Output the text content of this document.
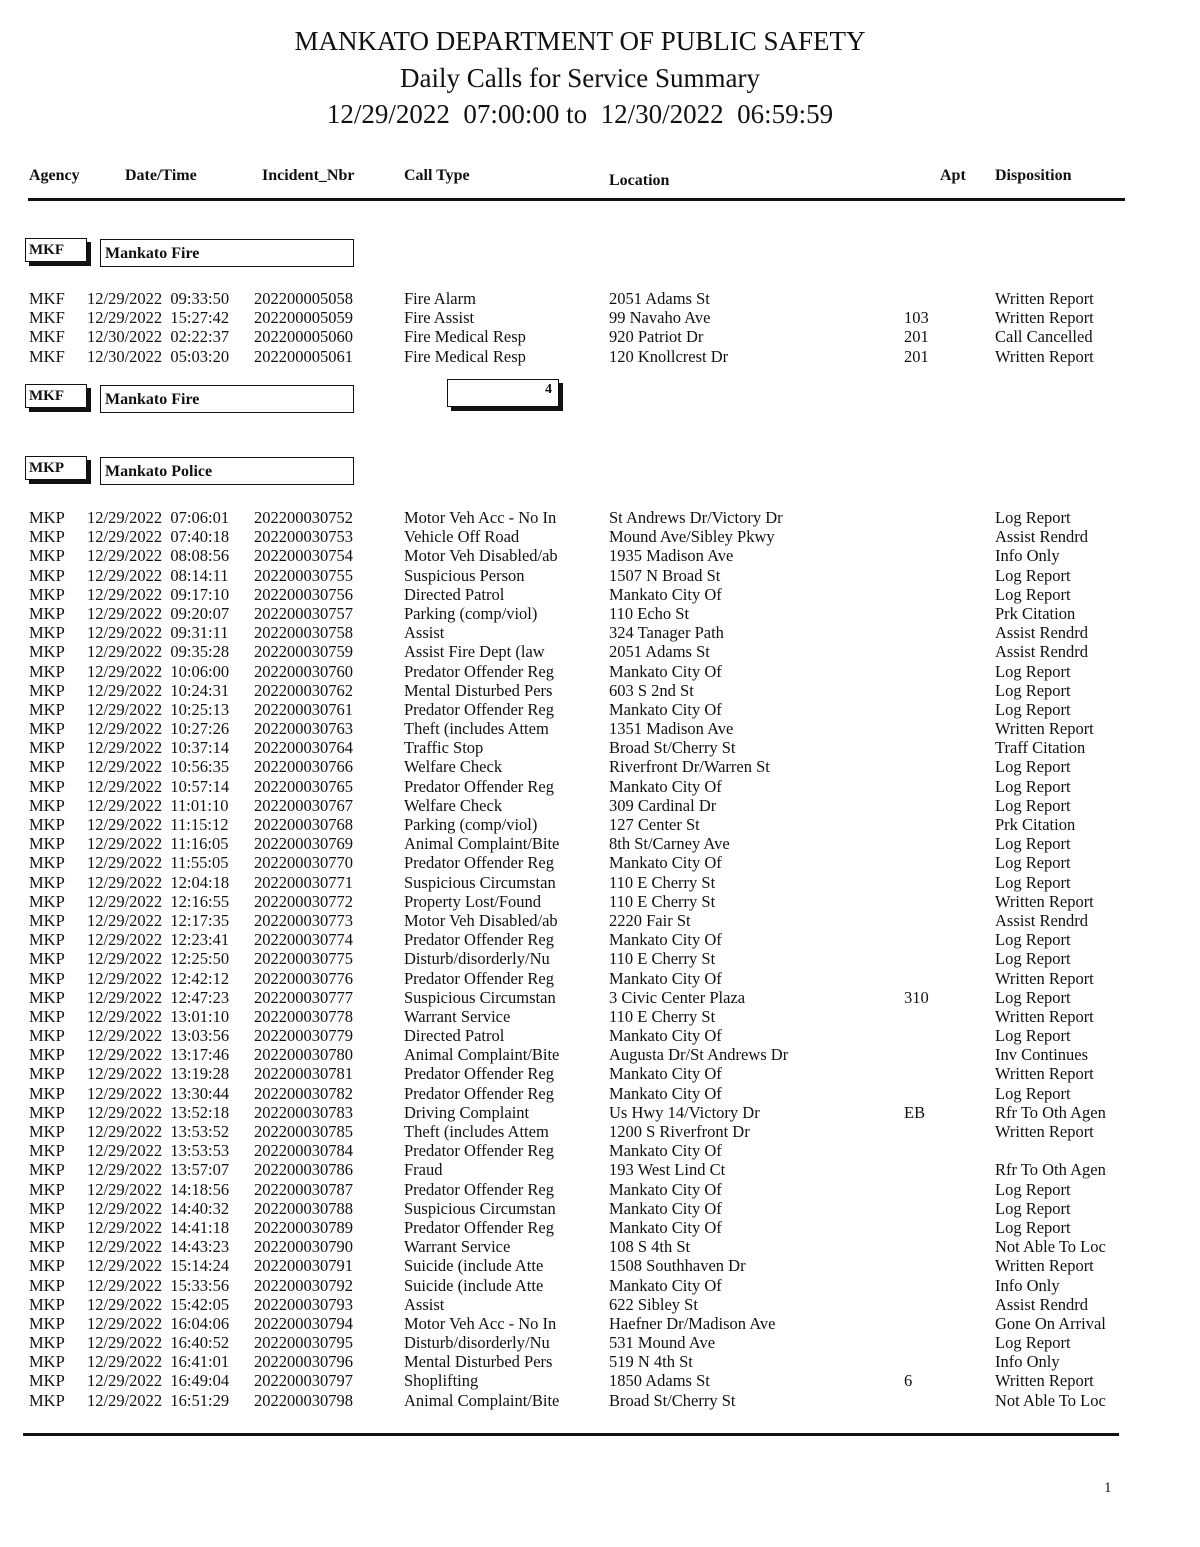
MANKATO DEPARTMENT OF PUBLIC SAFETY
Daily Calls for Service Summary
12/29/2022  07:00:00 to  12/30/2022  06:59:59
Agency	Date/Time	Incident_Nbr	Call Type	Location	Apt Disposition
MKF	Mankato Fire
MKF 12/29/2022  09:33:50 202200005058	Fire Alarm	2051 Adams St	Written Report
MKF 12/29/2022  15:27:42 202200005059	Fire Assist	99 Navaho Ave	103	Written Report
MKF 12/30/2022  02:22:37 202200005060	Fire Medical Resp	920 Patriot Dr	201	Call Cancelled
MKF 12/30/2022  05:03:20 202200005061	Fire Medical Resp	120 Knollcrest Dr	201	Written Report
MKF	Mankato Fire
4
MKP	Mankato Police
MKP 12/29/2022  07:06:01 202200030752	Motor Veh Acc - No In	St Andrews Dr/Victory Dr	Log Report
MKP 12/29/2022  07:40:18 202200030753	Vehicle Off Road	Mound Ave/Sibley Pkwy	Assist Rendrd
MKP 12/29/2022  08:08:56 202200030754	Motor Veh Disabled/ab	1935 Madison Ave	Info Only
MKP 12/29/2022  08:14:11 202200030755	Suspicious Person	1507 N Broad St	Log Report
MKP 12/29/2022  09:17:10 202200030756	Directed Patrol	Mankato City Of	Log Report
MKP 12/29/2022  09:20:07 202200030757	Parking (comp/viol)	110 Echo St	Prk Citation
MKP 12/29/2022  09:31:11 202200030758	Assist	324 Tanager Path	Assist Rendrd
MKP 12/29/2022  09:35:28 202200030759	Assist Fire Dept (law	2051 Adams St	Assist Rendrd
MKP 12/29/2022  10:06:00 202200030760	Predator Offender Reg	Mankato City Of	Log Report
MKP 12/29/2022  10:24:31 202200030762	Mental Disturbed Pers	603 S 2nd St	Log Report
MKP 12/29/2022  10:25:13 202200030761	Predator Offender Reg	Mankato City Of	Log Report
MKP 12/29/2022  10:27:26 202200030763	Theft (includes Attem	1351 Madison Ave	Written Report
MKP 12/29/2022  10:37:14 202200030764	Traffic Stop	Broad St/Cherry St	Traff Citation
MKP 12/29/2022  10:56:35 202200030766	Welfare Check	Riverfront Dr/Warren St	Log Report
MKP 12/29/2022  10:57:14 202200030765	Predator Offender Reg	Mankato City Of	Log Report
MKP 12/29/2022  11:01:10 202200030767	Welfare Check	309 Cardinal Dr	Log Report
MKP 12/29/2022  11:15:12 202200030768	Parking (comp/viol)	127 Center St	Prk Citation
MKP 12/29/2022  11:16:05 202200030769	Animal Complaint/Bite	8th St/Carney Ave	Log Report
MKP 12/29/2022  11:55:05 202200030770	Predator Offender Reg	Mankato City Of	Log Report
MKP 12/29/2022  12:04:18 202200030771	Suspicious Circumstan	110 E Cherry St	Log Report
MKP 12/29/2022  12:16:55 202200030772	Property Lost/Found	110 E Cherry St	Written Report
MKP 12/29/2022  12:17:35 202200030773	Motor Veh Disabled/ab	2220 Fair St	Assist Rendrd
MKP 12/29/2022  12:23:41 202200030774	Predator Offender Reg	Mankato City Of	Log Report
MKP 12/29/2022  12:25:50 202200030775	Disturb/disorderly/Nu	110 E Cherry St	Log Report
MKP 12/29/2022  12:42:12 202200030776	Predator Offender Reg	Mankato City Of	Written Report
MKP 12/29/2022  12:47:23 202200030777	Suspicious Circumstan	3 Civic Center Plaza	310	Log Report
MKP 12/29/2022  13:01:10 202200030778	Warrant Service	110 E Cherry St	Written Report
MKP 12/29/2022  13:03:56 202200030779	Directed Patrol	Mankato City Of	Log Report
MKP 12/29/2022  13:17:46 202200030780	Animal Complaint/Bite	Augusta Dr/St Andrews Dr	Inv Continues
MKP 12/29/2022  13:19:28 202200030781	Predator Offender Reg	Mankato City Of	Written Report
MKP 12/29/2022  13:30:44 202200030782	Predator Offender Reg	Mankato City Of	Log Report
MKP 12/29/2022  13:52:18 202200030783	Driving Complaint	Us Hwy 14/Victory Dr	EB	Rfr To Oth Agen
MKP 12/29/2022  13:53:52 202200030785	Theft (includes Attem	1200 S Riverfront Dr	Written Report
MKP 12/29/2022  13:53:53 202200030784	Predator Offender Reg	Mankato City Of
MKP 12/29/2022  13:57:07 202200030786	Fraud	193 West Lind Ct	Rfr To Oth Agen
MKP 12/29/2022  14:18:56 202200030787	Predator Offender Reg	Mankato City Of	Log Report
MKP 12/29/2022  14:40:32 202200030788	Suspicious Circumstan	Mankato City Of	Log Report
MKP 12/29/2022  14:41:18 202200030789	Predator Offender Reg	Mankato City Of	Log Report
MKP 12/29/2022  14:43:23 202200030790	Warrant Service	108 S 4th St	Not Able To Loc
MKP 12/29/2022  15:14:24 202200030791	Suicide (include Atte	1508 Southhaven Dr	Written Report
MKP 12/29/2022  15:33:56 202200030792	Suicide (include Atte	Mankato City Of	Info Only
MKP 12/29/2022  15:42:05 202200030793	Assist	622 Sibley St	Assist Rendrd
MKP 12/29/2022  16:04:06 202200030794	Motor Veh Acc - No In	Haefner Dr/Madison Ave	Gone On Arrival
MKP 12/29/2022  16:40:52 202200030795	Disturb/disorderly/Nu	531 Mound Ave	Log Report
MKP 12/29/2022  16:41:01 202200030796	Mental Disturbed Pers	519 N 4th St	Info Only
MKP 12/29/2022  16:49:04 202200030797	Shoplifting	1850 Adams St	6	Written Report
MKP 12/29/2022  16:51:29 202200030798	Animal Complaint/Bite	Broad St/Cherry St	Not Able To Loc
1
